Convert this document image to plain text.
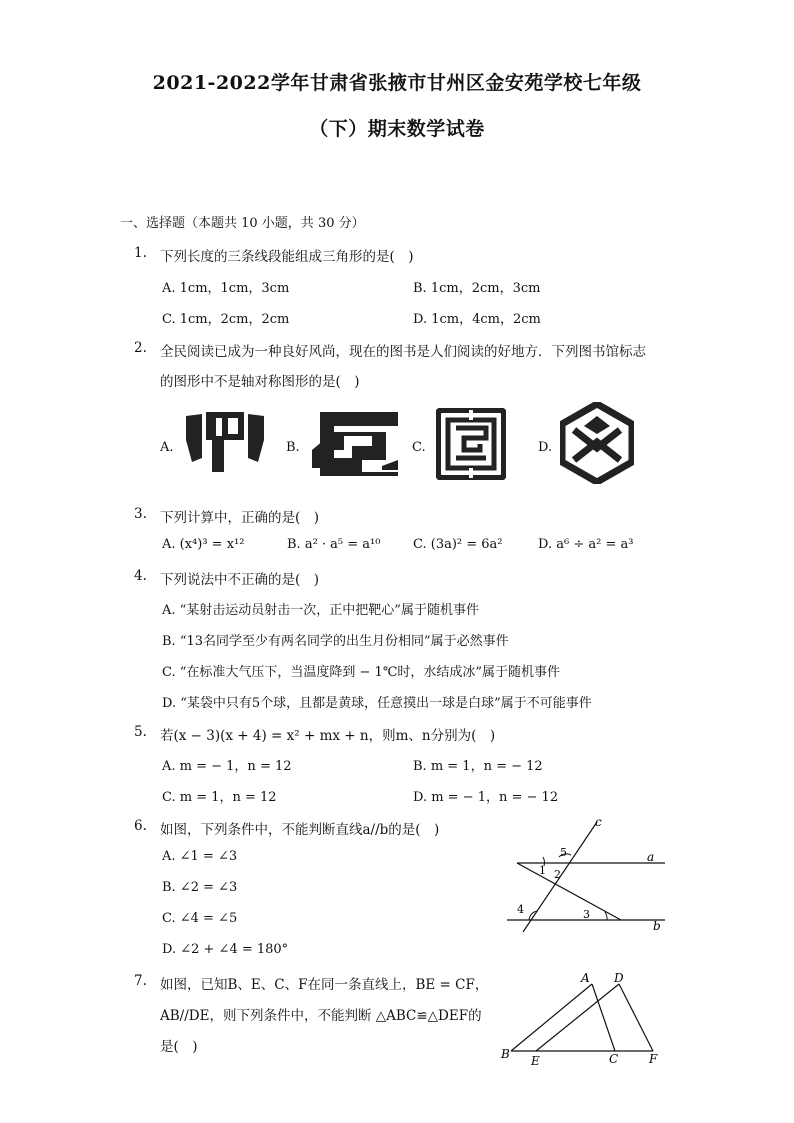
2021-2022学年甘肃省张掖市甘州区金安苑学校七年级
（下）期末数学试卷
一、选择题（本题共 10 小题，共 30 分）
1. 下列长度的三条线段能组成三角形的是(　)
A. 1cm，1cm，3cm	B. 1cm，2cm，3cm
C. 1cm，2cm，2cm	D. 1cm，4cm，2cm
2. 全民阅读已成为一种良好风尚，现在的图书是人们阅读的好地方．下列图书馆标志
的图形中不是轴对称图形的是(　)
A.	B.	C.	D.
3. 下列计算中，正确的是(　)
A. (x⁴)³ = x¹²	B. a² · a⁵ = a¹⁰	C. (3a)² = 6a²	D. a⁶ ÷ a² = a³
4. 下列说法中不正确的是(　)
A. “某射击运动员射击一次，正中把靶心”属于随机事件
B. “13名同学至少有两名同学的出生月份相同”属于必然事件
C. “在标准大气压下，当温度降到 − 1℃时，水结成冰”属于随机事件
D. “某袋中只有5个球，且都是黄球，任意摸出一球是白球”属于不可能事件
5. 若(x − 3)(x + 4) = x² + mx + n，则m、n分别为(　)
A. m = − 1，n = 12	B. m = 1，n = − 12
C. m = 1，n = 12	D. m = − 1，n = − 12
6. 如图，下列条件中，不能判断直线a//b的是(　)
A. ∠1 = ∠3
B. ∠2 = ∠3
C. ∠4 = ∠5
D. ∠2 + ∠4 = 180°
c
a
b
1 2
3
4
5
7. 如图，已知B、E、C、F在同一条直线上，BE = CF，
AB//DE，则下列条件中，不能判断 △ABC≌△DEF的
是(　)
A D
B E	C	F
